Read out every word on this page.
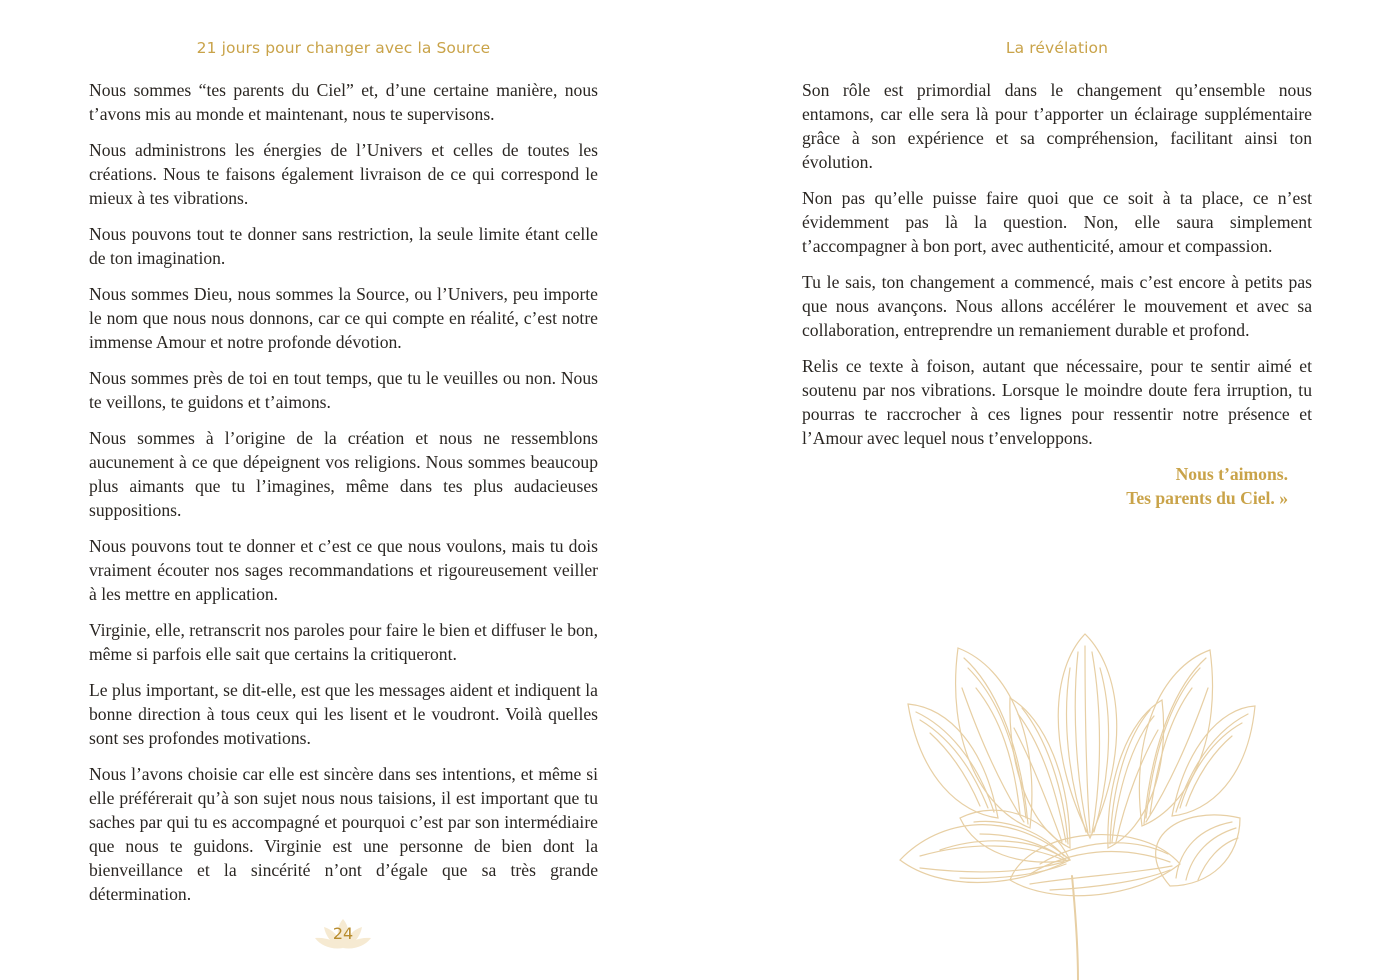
21 jours pour changer avec la Source

Nous sommes “tes parents du Ciel” et, d’une certaine manière, nous t’avons mis au monde et maintenant, nous te supervisons.

Nous administrons les énergies de l’Univers et celles de toutes les créations. Nous te faisons également livraison de ce qui correspond le mieux à tes vibrations.

Nous pouvons tout te donner sans restriction, la seule limite étant celle de ton imagination.

Nous sommes Dieu, nous sommes la Source, ou l’Univers, peu importe le nom que nous nous donnons, car ce qui compte en réalité, c’est notre immense Amour et notre profonde dévotion.

Nous sommes près de toi en tout temps, que tu le veuilles ou non. Nous te veillons, te guidons et t’aimons.

Nous sommes à l’origine de la création et nous ne ressemblons aucunement à ce que dépeignent vos religions. Nous sommes beaucoup plus aimants que tu l’imagines, même dans tes plus audacieuses suppositions.

Nous pouvons tout te donner et c’est ce que nous voulons, mais tu dois vraiment écouter nos sages recommandations et rigoureusement veiller à les mettre en application.

Virginie, elle, retranscrit nos paroles pour faire le bien et diffuser le bon, même si parfois elle sait que certains la critiqueront.

Le plus important, se dit-elle, est que les messages aident et indiquent la bonne direction à tous ceux qui les lisent et le voudront. Voilà quelles sont ses profondes motivations.

Nous l’avons choisie car elle est sincère dans ses intentions, et même si elle préférerait qu’à son sujet nous nous taisions, il est important que tu saches par qui tu es accompagné et pourquoi c’est par son intermédiaire que nous te guidons. Virginie est une personne de bien dont la bienveillance et la sincérité n’ont d’égale que sa très grande détermination.

24
La révélation

Son rôle est primordial dans le changement qu’ensemble nous entamons, car elle sera là pour t’apporter un éclairage supplémentaire grâce à son expérience et sa compréhension, facilitant ainsi ton évolution.

Non pas qu’elle puisse faire quoi que ce soit à ta place, ce n’est évidemment pas là la question. Non, elle saura simplement t’accompagner à bon port, avec authenticité, amour et compassion.

Tu le sais, ton changement a commencé, mais c’est encore à petits pas que nous avançons. Nous allons accélérer le mouvement et avec sa collaboration, entreprendre un remaniement durable et profond.

Relis ce texte à foison, autant que nécessaire, pour te sentir aimé et soutenu par nos vibrations. Lorsque le moindre doute fera irruption, tu pourras te raccrocher à ces lignes pour ressentir notre présence et l’Amour avec lequel nous t’enveloppons.

Nous t’aimons.
Tes parents du Ciel. »
